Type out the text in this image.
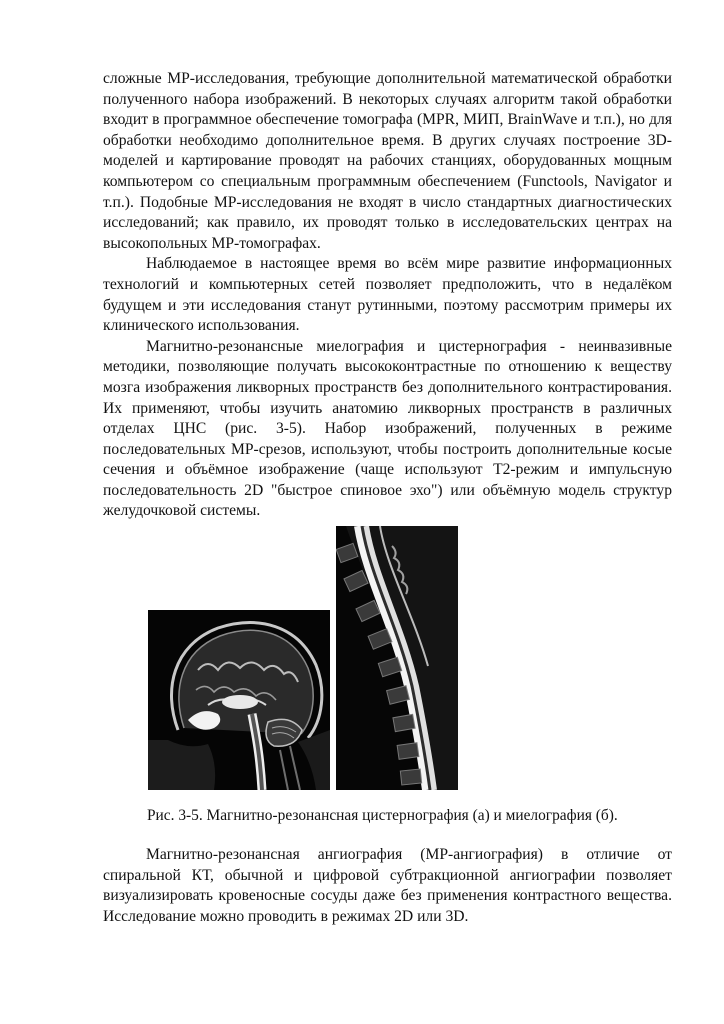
сложные МР-исследования, требующие дополнительной математической обработки полученного набора изображений. В некоторых случаях алгоритм такой обработки входит в программное обеспечение томографа (MPR, МИП, BrainWave и т.п.), но для обработки необходимо дополнительное время. В других случаях построение 3D-моделей и картирование проводят на рабочих станциях, оборудованных мощным компьютером со специальным программным обеспечением (Functools, Navigator и т.п.). Подобные МР-исследования не входят в число стандартных диагностических исследований; как правило, их проводят только в исследовательских центрах на высокопольных МР-томографах.

Наблюдаемое в настоящее время во всём мире развитие информационных технологий и компьютерных сетей позволяет предположить, что в недалёком будущем и эти исследования станут рутинными, поэтому рассмотрим примеры их клинического использования.

Магнитно-резонансные миелография и цистернография - неинвазивные методики, позволяющие получать высококонтрастные по отношению к веществу мозга изображения ликворных пространств без дополнительного контрастирования. Их применяют, чтобы изучить анатомию ликворных пространств в различных отделах ЦНС (рис. 3-5). Набор изображений, полученных в режиме последовательных МР-срезов, используют, чтобы построить дополнительные косые сечения и объёмное изображение (чаще используют Т2-режим и импульсную последовательность 2D "быстрое спиновое эхо") или объёмную модель структур желудочковой системы.

Рис. 3-5. Магнитно-резонансная цистернография (а) и миелография (б).

Магнитно-резонансная ангиография (МР-ангиография) в отличие от спиральной КТ, обычной и цифровой субтракционной ангиографии позволяет визуализировать кровеносные сосуды даже без применения контрастного вещества. Исследование можно проводить в режимах 2D или 3D.
